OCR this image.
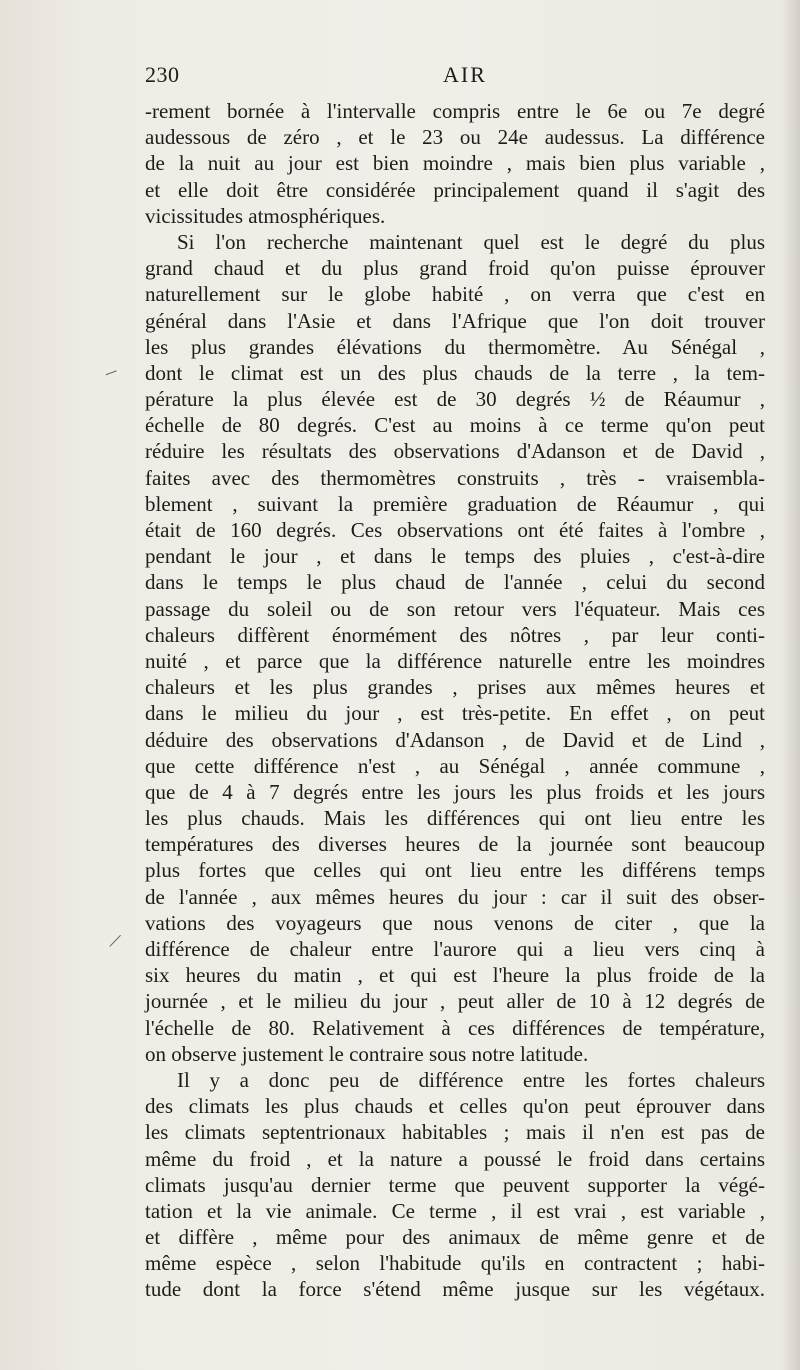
230	AIR
–
/
-rement bornée à l'intervalle compris entre le 6e ou 7e degré
audessous de zéro , et le 23 ou 24e audessus. La différence
de la nuit au jour est bien moindre , mais bien plus variable ,
et elle doit être considérée principalement quand il s'agit des
vicissitudes atmosphériques.
Si l'on recherche maintenant quel est le degré du plus
grand chaud et du plus grand froid qu'on puisse éprouver
naturellement sur le globe habité , on verra que c'est en
général dans l'Asie et dans l'Afrique que l'on doit trouver
les plus grandes élévations du thermomètre. Au Sénégal ,
dont le climat est un des plus chauds de la terre , la tem-
pérature la plus élevée est de 30 degrés ½ de Réaumur ,
échelle de 80 degrés. C'est au moins à ce terme qu'on peut
réduire les résultats des observations d'Adanson et de David ,
faites avec des thermomètres construits , très - vraisembla-
blement , suivant la première graduation de Réaumur , qui
était de 160 degrés. Ces observations ont été faites à l'ombre ,
pendant le jour , et dans le temps des pluies , c'est-à-dire
dans le temps le plus chaud de l'année , celui du second
passage du soleil ou de son retour vers l'équateur. Mais ces
chaleurs diffèrent énormément des nôtres , par leur conti-
nuité , et parce que la différence naturelle entre les moindres
chaleurs et les plus grandes , prises aux mêmes heures et
dans le milieu du jour , est très-petite. En effet , on peut
déduire des observations d'Adanson , de David et de Lind ,
que cette différence n'est , au Sénégal , année commune ,
que de 4 à 7 degrés entre les jours les plus froids et les jours
les plus chauds. Mais les différences qui ont lieu entre les
températures des diverses heures de la journée sont beaucoup
plus fortes que celles qui ont lieu entre les différens temps
de l'année , aux mêmes heures du jour : car il suit des obser-
vations des voyageurs que nous venons de citer , que la
différence de chaleur entre l'aurore qui a lieu vers cinq à
six heures du matin , et qui est l'heure la plus froide de la
journée , et le milieu du jour , peut aller de 10 à 12 degrés de
l'échelle de 80. Relativement à ces différences de température,
on observe justement le contraire sous notre latitude.
Il y a donc peu de différence entre les fortes chaleurs
des climats les plus chauds et celles qu'on peut éprouver dans
les climats septentrionaux habitables ; mais il n'en est pas de
même du froid , et la nature a poussé le froid dans certains
climats jusqu'au dernier terme que peuvent supporter la végé-
tation et la vie animale. Ce terme , il est vrai , est variable ,
et diffère , même pour des animaux de même genre et de
même espèce , selon l'habitude qu'ils en contractent ; habi-
tude dont la force s'étend même jusque sur les végétaux.
